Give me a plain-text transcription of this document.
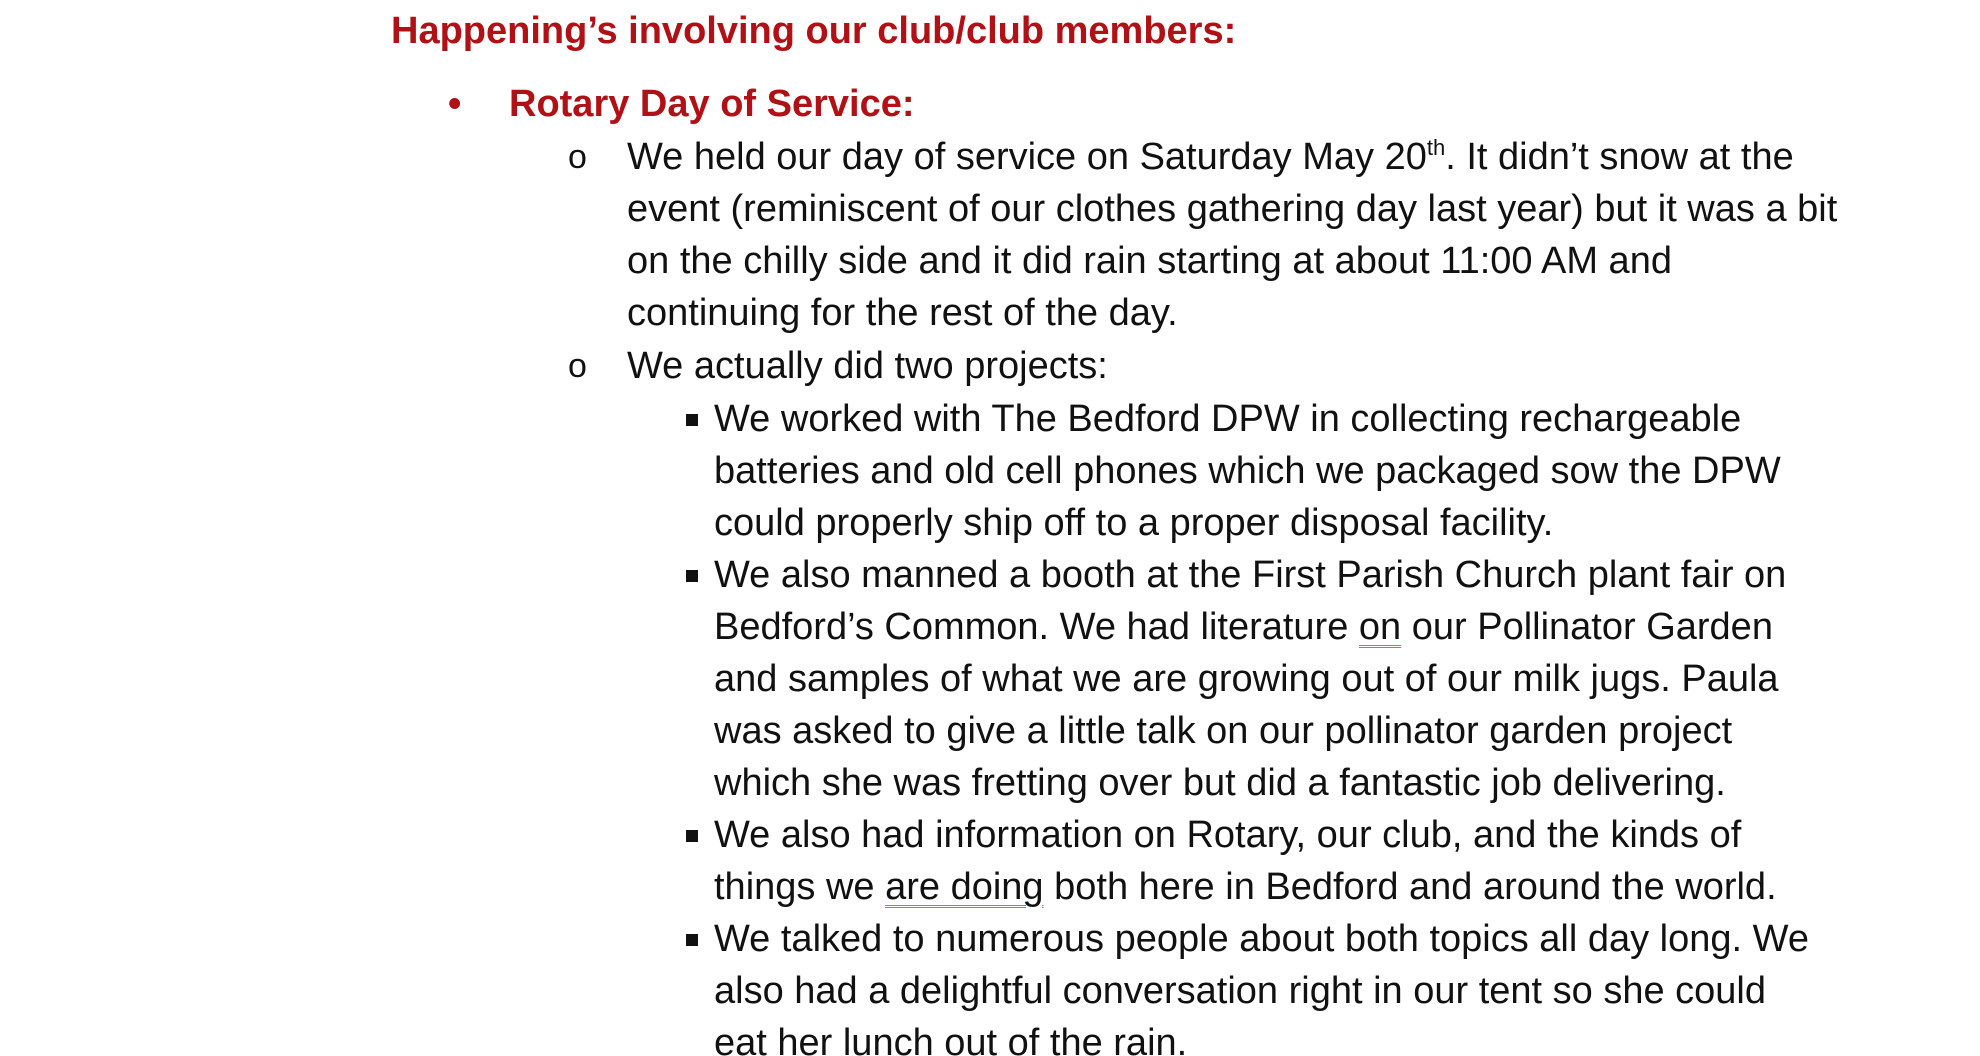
Happening’s involving our club/club members:
• Rotary Day of Service:
o	We held our day of service on Saturday May 20th. It didn’t snow at the
event (reminiscent of our clothes gathering day last year) but it was a bit
on the chilly side and it did rain starting at about 11:00 AM and
continuing for the rest of the day.
o	We actually did two projects:
We worked with The Bedford DPW in collecting rechargeable
batteries and old cell phones which we packaged sow the DPW
could properly ship off to a proper disposal facility.
We also manned a booth at the First Parish Church plant fair on
Bedford’s Common. We had literature on our Pollinator Garden
and samples of what we are growing out of our milk jugs. Paula
was asked to give a little talk on our pollinator garden project
which she was fretting over but did a fantastic job delivering.
We also had information on Rotary, our club, and the kinds of
things we are doing both here in Bedford and around the world.
We talked to numerous people about both topics all day long. We
also had a delightful conversation right in our tent so she could
eat her lunch out of the rain.
